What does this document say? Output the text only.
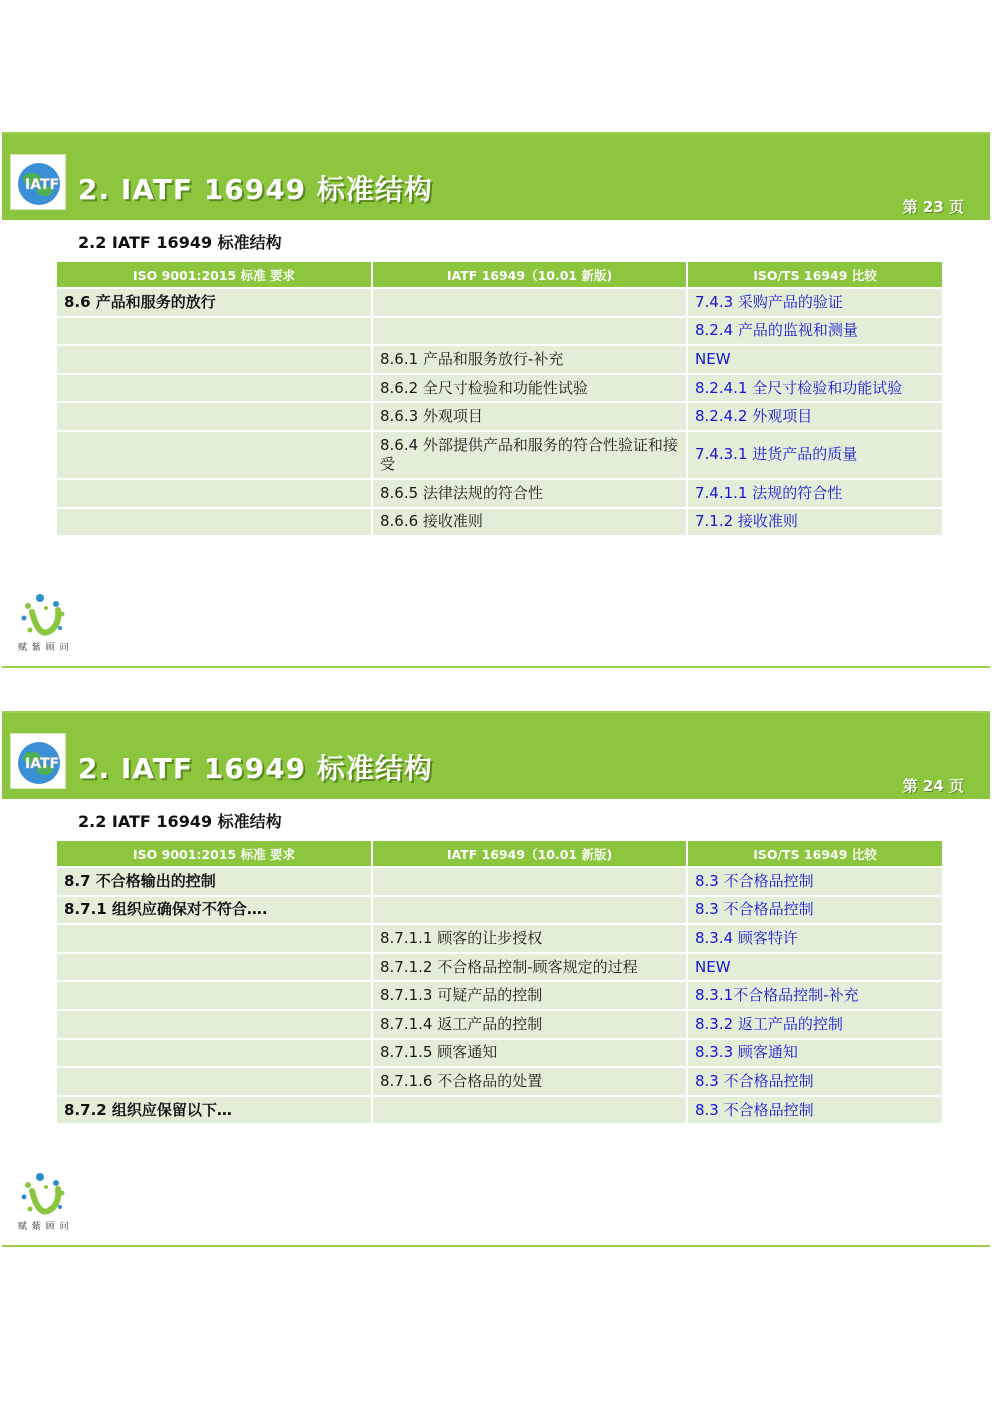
IATF 2. IATF 16949 标准结构
第 23 页
2.2 IATF 16949 标准结构
ISO 9001:2015 标准 要求	IATF 16949（10.01 新版)	ISO/TS 16949 比较
8.6 产品和服务的放行		7.4.3 采购产品的验证
		8.2.4 产品的监视和测量
	8.6.1 产品和服务放行-补充	NEW
	8.6.2 全尺寸检验和功能性试验	8.2.4.1 全尺寸检验和功能试验
	8.6.3 外观项目	8.2.4.2 外观项目
	8.6.4 外部提供产品和服务的符合性验证和接受	7.4.3.1 进货产品的质量
	8.6.5 法律法规的符合性	7.4.1.1 法规的符合性
	8.6.6 接收准则	7.1.2 接收准则
赋 紫 顾 问
IATF 2. IATF 16949 标准结构
第 24 页
2.2 IATF 16949 标准结构
ISO 9001:2015 标准 要求	IATF 16949（10.01 新版)	ISO/TS 16949 比较
8.7 不合格输出的控制		8.3 不合格品控制
8.7.1 组织应确保对不符合….		8.3 不合格品控制
	8.7.1.1 顾客的让步授权	8.3.4 顾客特许
	8.7.1.2 不合格品控制-顾客规定的过程	NEW
	8.7.1.3 可疑产品的控制	8.3.1不合格品控制-补充
	8.7.1.4 返工产品的控制	8.3.2 返工产品的控制
	8.7.1.5 顾客通知	8.3.3 顾客通知
	8.7.1.6 不合格品的处置	8.3 不合格品控制
8.7.2 组织应保留以下…		8.3 不合格品控制
赋 紫 顾 问
